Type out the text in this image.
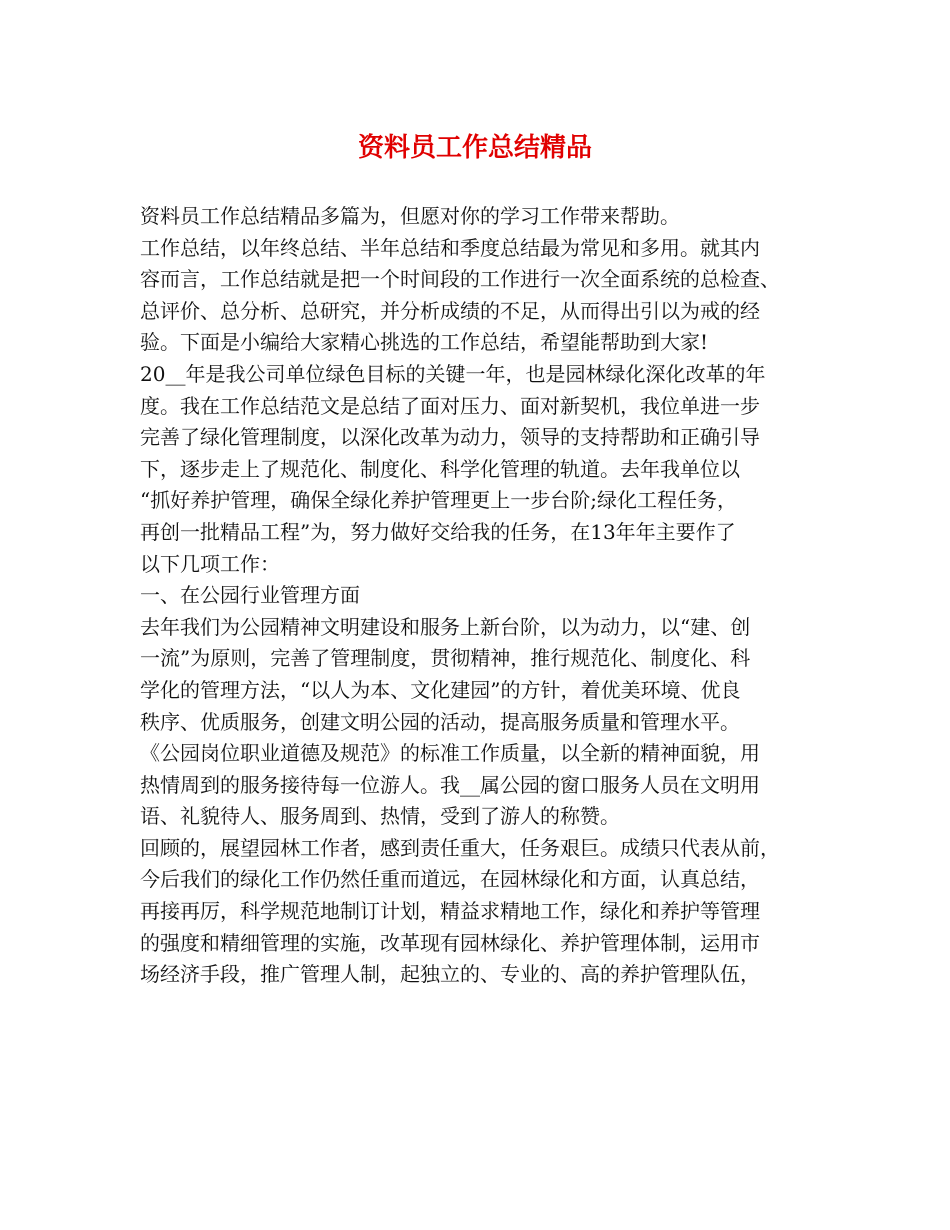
资料员工作总结精品
资料员工作总结精品多篇为，但愿对你的学习工作带来帮助。
工作总结，以年终总结、半年总结和季度总结最为常见和多用。就其内
容而言，工作总结就是把一个时间段的工作进行一次全面系统的总检查、
总评价、总分析、总研究，并分析成绩的不足，从而得出引以为戒的经
验。下面是小编给大家精心挑选的工作总结，希望能帮助到大家!
20__年是我公司单位绿色目标的关键一年，也是园林绿化深化改革的年
度。我在工作总结范文是总结了面对压力、面对新契机，我位单进一步
完善了绿化管理制度，以深化改革为动力，领导的支持帮助和正确引导
下，逐步走上了规范化、制度化、科学化管理的轨道。去年我单位以
“抓好养护管理，确保全绿化养护管理更上一步台阶;绿化工程任务，
再创一批精品工程”为，努力做好交给我的任务，在13年年主要作了
以下几项工作：
一、在公园行业管理方面
去年我们为公园精神文明建设和服务上新台阶，以为动力，以“建、创
一流”为原则，完善了管理制度，贯彻精神，推行规范化、制度化、科
学化的管理方法，“以人为本、文化建园”的方针，着优美环境、优良
秩序、优质服务，创建文明公园的活动，提高服务质量和管理水平。
《公园岗位职业道德及规范》的标准工作质量，以全新的精神面貌，用
热情周到的服务接待每一位游人。我__属公园的窗口服务人员在文明用
语、礼貌待人、服务周到、热情，受到了游人的称赞。
回顾的，展望园林工作者，感到责任重大，任务艰巨。成绩只代表从前，
今后我们的绿化工作仍然任重而道远，在园林绿化和方面，认真总结，
再接再厉，科学规范地制订计划，精益求精地工作，绿化和养护等管理
的强度和精细管理的实施，改革现有园林绿化、养护管理体制，运用市
场经济手段，推广管理人制，起独立的、专业的、高的养护管理队伍，
